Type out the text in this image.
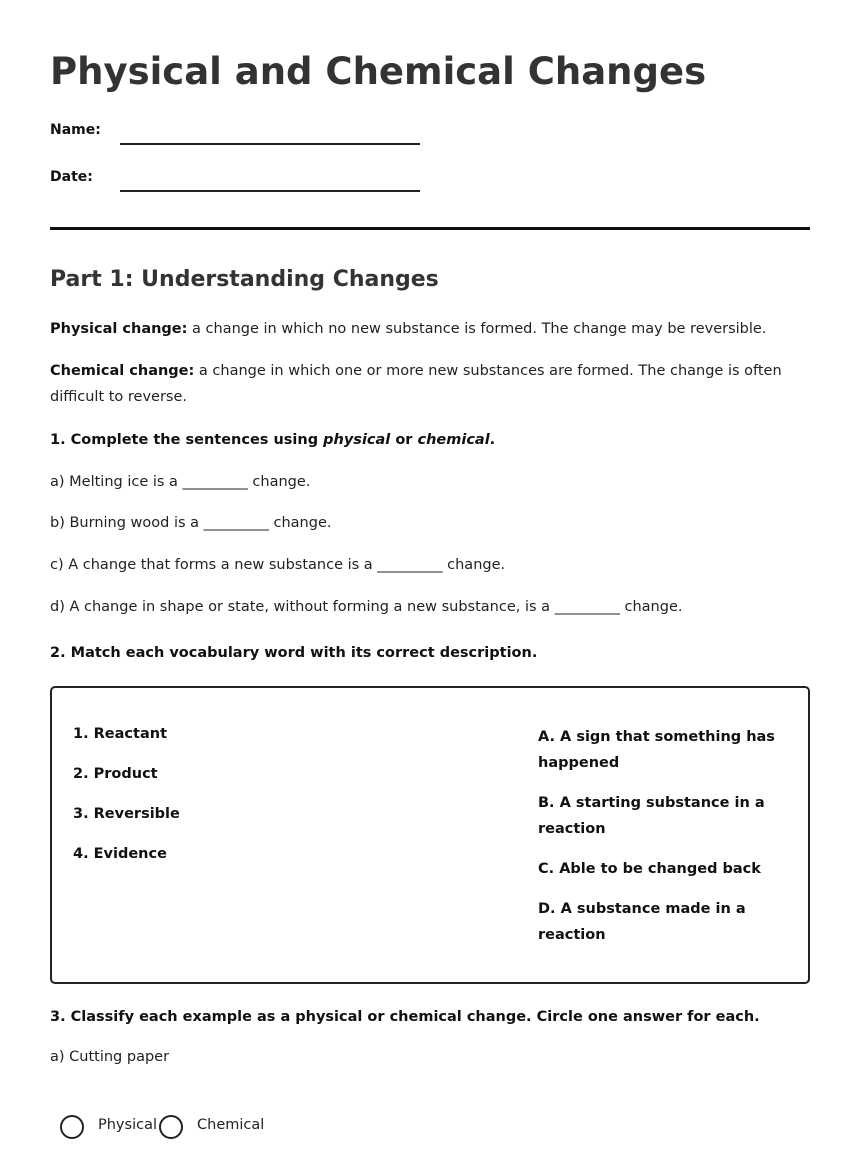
Physical and Chemical Changes
Name:
Date:
Part 1: Understanding Changes
Physical change: a change in which no new substance is formed. The change may be reversible.
Chemical change: a change in which one or more new substances are formed. The change is often difficult to reverse.
1. Complete the sentences using physical or chemical.
a) Melting ice is a _________ change.
b) Burning wood is a _________ change.
c) A change that forms a new substance is a _________ change.
d) A change in shape or state, without forming a new substance, is a _________ change.
2. Match each vocabulary word with its correct description.
1. Reactant
2. Product
3. Reversible
4. Evidence
A. A sign that something has happened
B. A starting substance in a reaction
C. Able to be changed back
D. A substance made in a reaction
3. Classify each example as a physical or chemical change. Circle one answer for each.
a) Cutting paper
Physical	Chemical
